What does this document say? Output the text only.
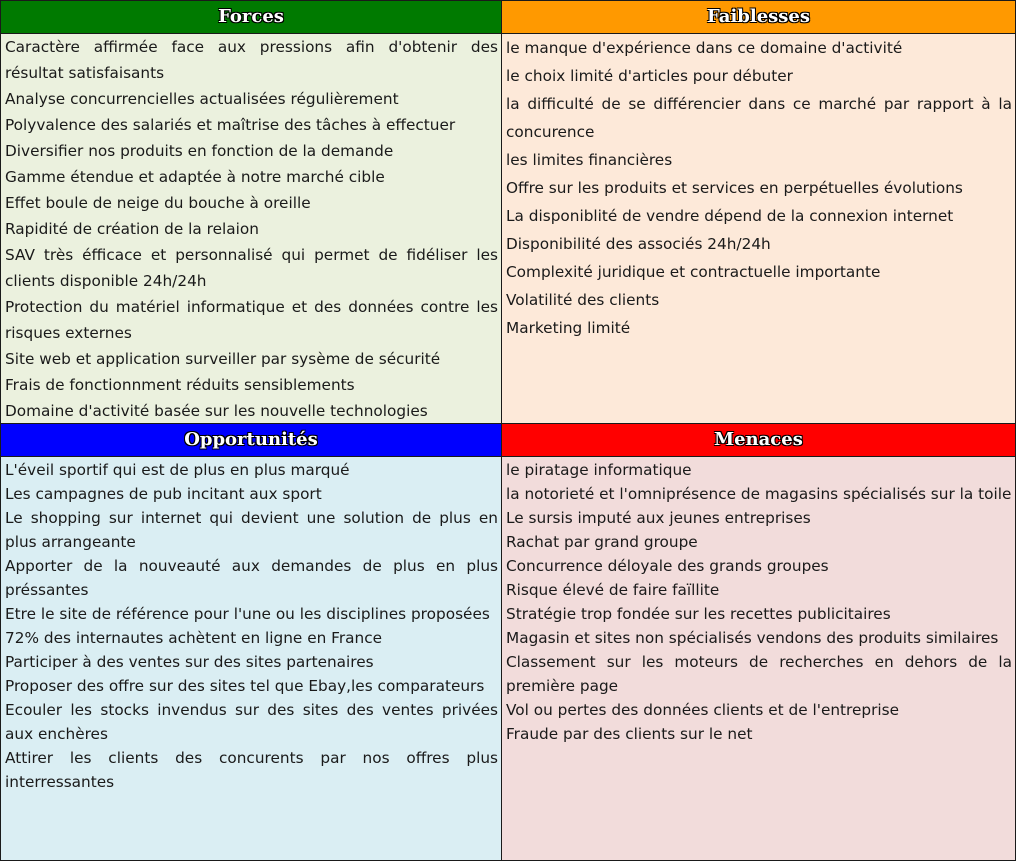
Forces
Caractère affirmée face aux pressions afin d'obtenir des résultat satisfaisants
Analyse concurrencielles actualisées régulièrement
Polyvalence des salariés et maîtrise des tâches à effectuer
Diversifier nos produits en fonction de la demande
Gamme étendue et adaptée à notre marché cible
Effet boule de neige du bouche à oreille
Rapidité de création de la relaion
SAV très éfficace et personnalisé qui permet de fidéliser les clients disponible 24h/24h
Protection du matériel informatique et des données contre les risques externes
Site web et application surveiller par sysème de sécurité
Frais de fonctionnment réduits sensiblements
Domaine d'activité basée sur les nouvelle technologies
Faiblesses
le manque d'expérience dans ce domaine d'activité
le choix limité d'articles pour débuter
la difficulté de se différencier dans ce marché par rapport à la concurence
les limites financières
Offre sur les produits et services en perpétuelles évolutions
La disponiblité de vendre dépend de la connexion internet
Disponibilité des associés 24h/24h
Complexité juridique et contractuelle importante
Volatilité des clients
Marketing limité
Opportunités
L'éveil sportif qui est de plus en plus marqué
Les campagnes de pub incitant aux sport
Le shopping sur internet qui devient une solution de plus en plus arrangeante
Apporter de la nouveauté aux demandes de plus en plus préssantes
Etre le site de référence pour l'une ou les disciplines proposées
72% des internautes achètent en ligne en France
Participer à des ventes sur des sites partenaires
Proposer des offre sur des sites tel que Ebay,les comparateurs
Ecouler les stocks invendus sur des sites des ventes privées aux enchères
Attirer les clients des concurents par nos offres plus interressantes
Menaces
le piratage informatique
la notorieté et l'omniprésence de magasins spécialisés sur la toile
Le sursis imputé aux jeunes entreprises
Rachat par grand groupe
Concurrence déloyale des grands groupes
Risque élevé de faire faïllite
Stratégie trop fondée sur les recettes publicitaires
Magasin et sites non spécialisés vendons des produits similaires
Classement sur les moteurs de recherches en dehors de la première page
Vol ou pertes des données clients et de l'entreprise
Fraude par des clients sur le net
